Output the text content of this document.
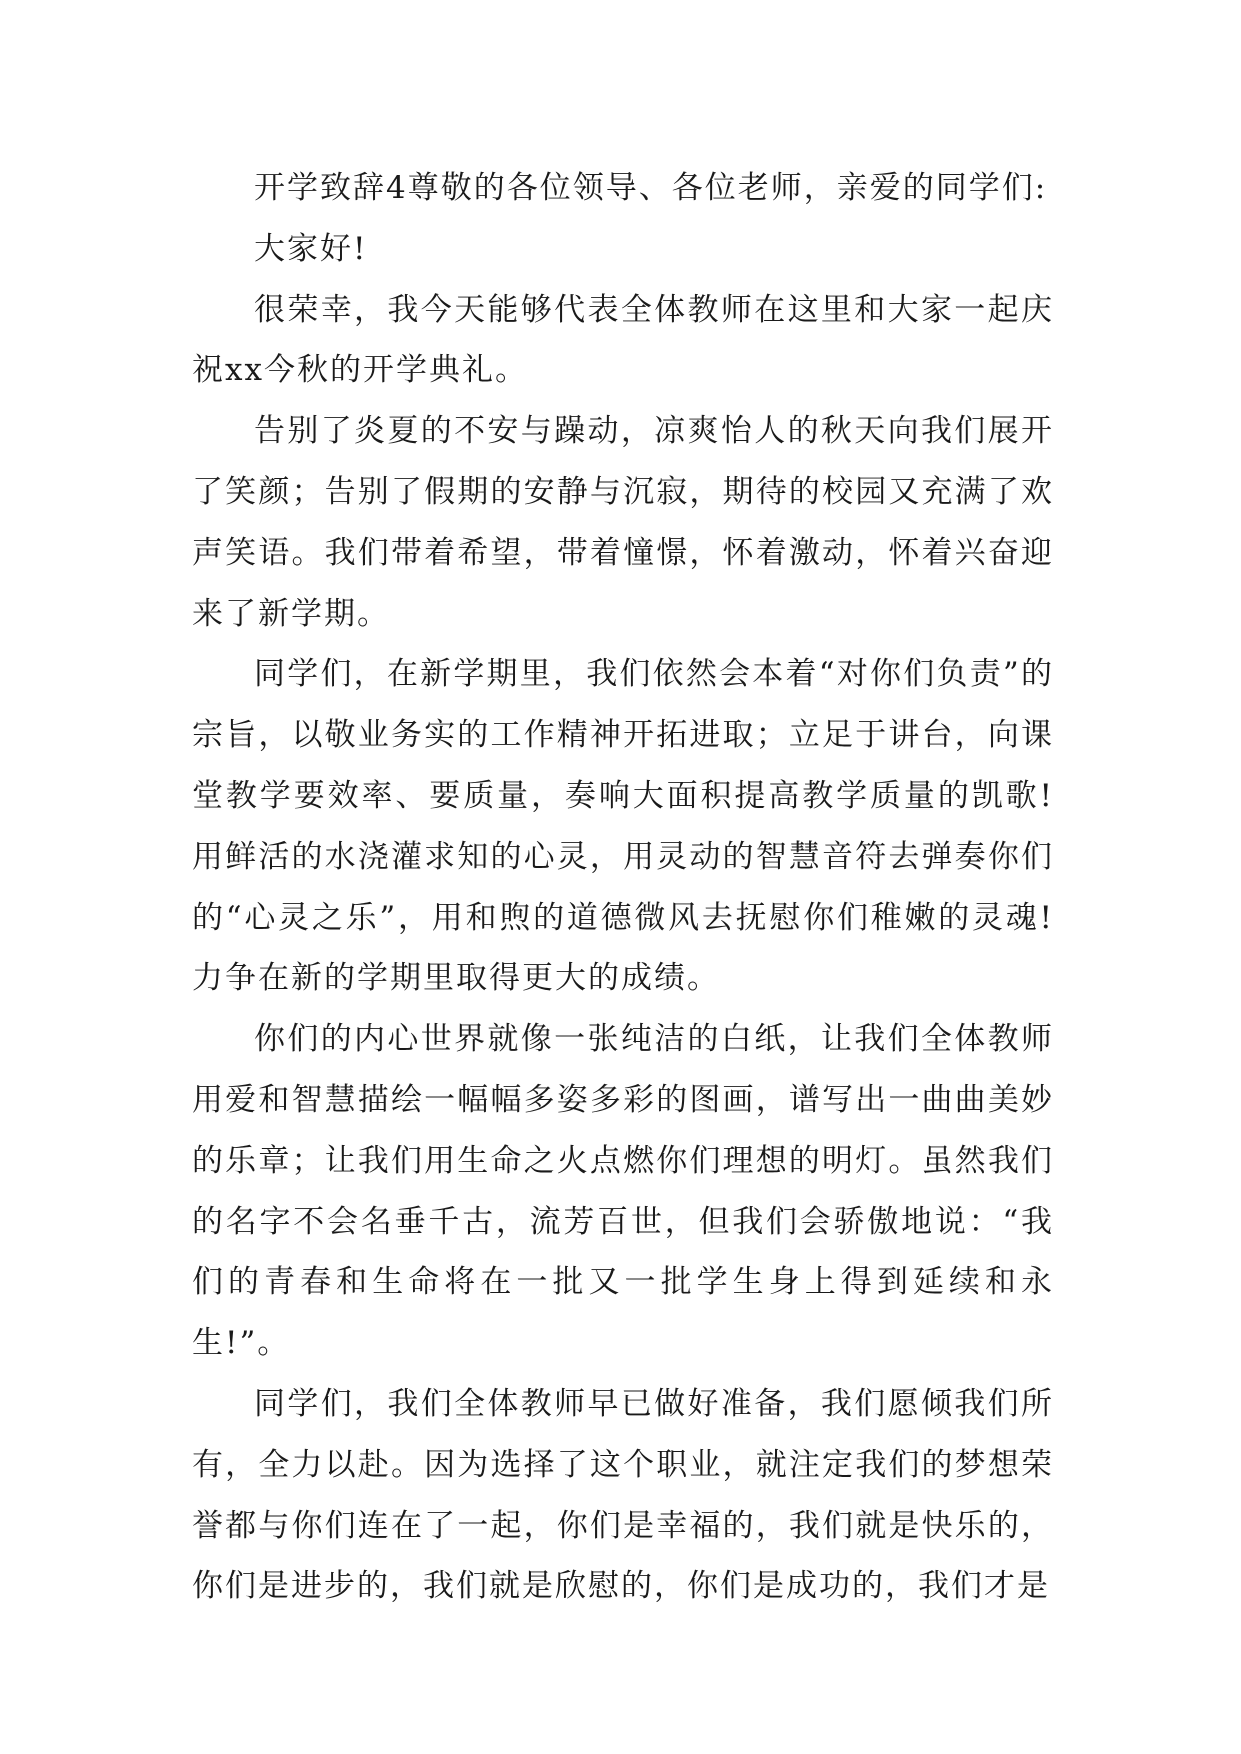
开学致辞4尊敬的各位领导、各位老师，亲爱的同学们:

大家好!

很荣幸，我今天能够代表全体教师在这里和大家一起庆祝xx今秋的开学典礼。

告别了炎夏的不安与躁动，凉爽怡人的秋天向我们展开了笑颜；告别了假期的安静与沉寂，期待的校园又充满了欢声笑语。我们带着希望，带着憧憬，怀着激动，怀着兴奋迎来了新学期。

同学们，在新学期里，我们依然会本着“对你们负责”的宗旨，以敬业务实的工作精神开拓进取；立足于讲台，向课堂教学要效率、要质量，奏响大面积提高教学质量的凯歌!用鲜活的水浇灌求知的心灵，用灵动的智慧音符去弹奏你们的“心灵之乐”，用和煦的道德微风去抚慰你们稚嫩的灵魂!力争在新的学期里取得更大的成绩。

你们的内心世界就像一张纯洁的白纸，让我们全体教师用爱和智慧描绘一幅幅多姿多彩的图画，谱写出一曲曲美妙的乐章；让我们用生命之火点燃你们理想的明灯。虽然我们的名字不会名垂千古，流芳百世，但我们会骄傲地说：“我们的青春和生命将在一批又一批学生身上得到延续和永生!”。

同学们，我们全体教师早已做好准备，我们愿倾我们所有，全力以赴。因为选择了这个职业，就注定我们的梦想荣誉都与你们连在了一起，你们是幸福的，我们就是快乐的，你们是进步的，我们就是欣慰的，你们是成功的，我们才是
